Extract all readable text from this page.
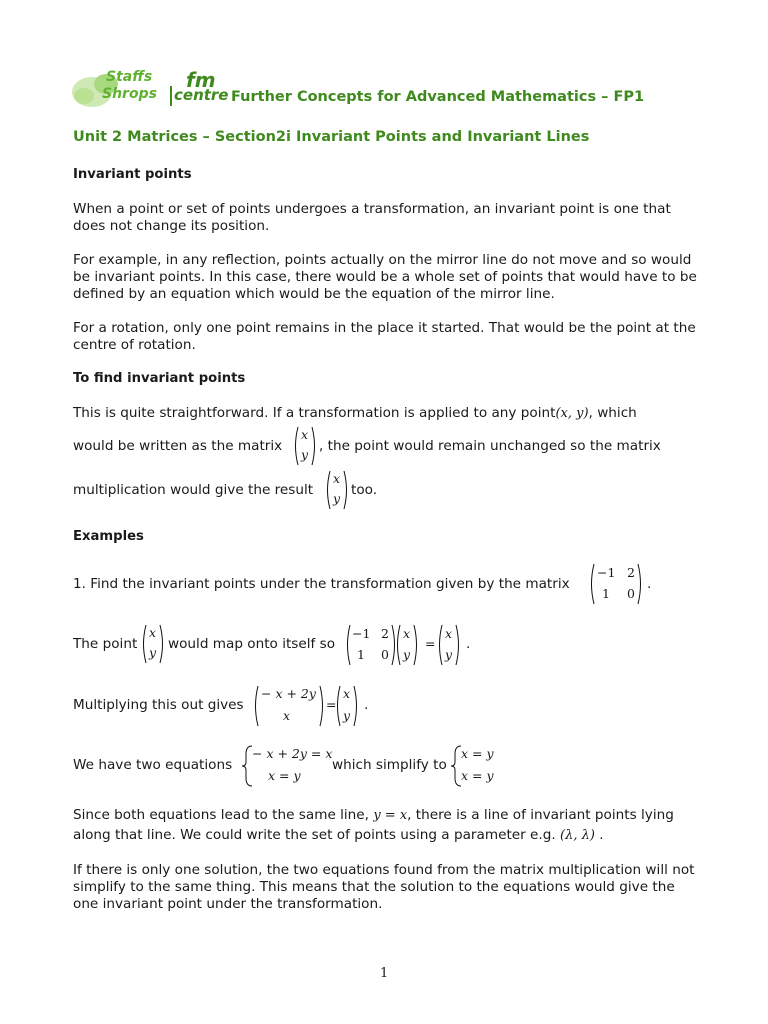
Staffs
Shrops
fm
centre Further Concepts for Advanced Mathematics – FP1
Unit 2 Matrices – Section2i Invariant Points and Invariant Lines
Invariant points

When a point or set of points undergoes a transformation, an invariant point is one that does not change its position.

For example, in any reflection, points actually on the mirror line do not move and so would be invariant points. In this case, there would be a whole set of points that would have to be defined by an equation which would be the equation of the mirror line.

For a rotation, only one point remains in the place it started. That would be the point at the centre of rotation.

To find invariant points
This is quite straightforward. If a transformation is applied to any point(x, y), which
would be written as the matrix
x
y
, the point would remain unchanged so the matrix
multiplication would give the result
x
y
too.
Examples
1. Find the invariant points under the transformation given by the matrix
−1 2
1 0
.
The point
x
y
would map onto itself so
−1 2
1 0
x
y
=
x
y
.
Multiplying this out gives
− x + 2y
x
=
x
y
.
We have two equations
− x + 2y = x
x = y
which simplify to
x = y
x = y
Since both equations lead to the same line, y = x, there is a line of invariant points lying
along that line. We could write the set of points using a parameter e.g. (λ, λ) .

If there is only one solution, the two equations found from the matrix multiplication will not simplify to the same thing. This means that the solution to the equations would give the one invariant point under the transformation.

1
